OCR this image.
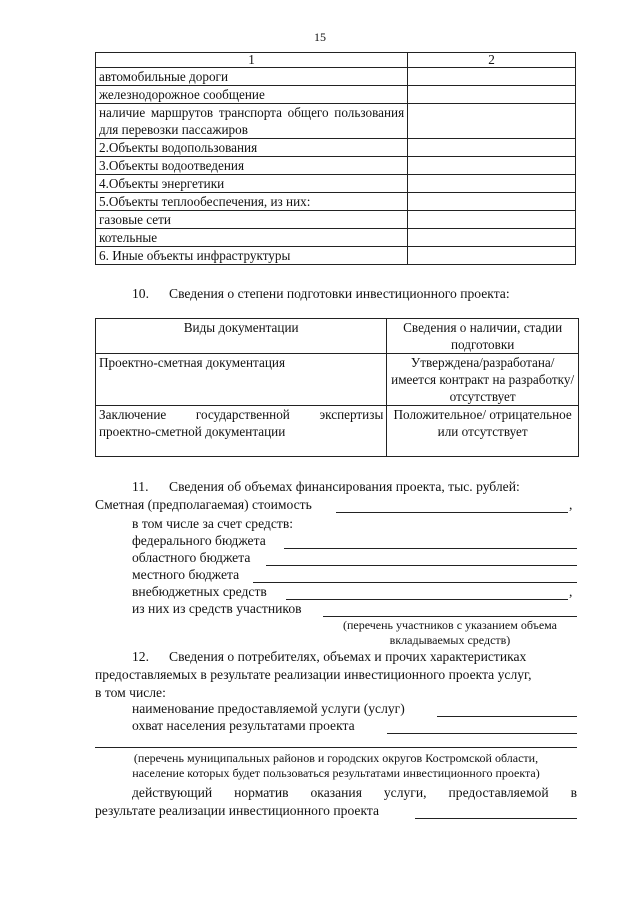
15
1	2
автомобильные дороги	
железнодорожное сообщение	
наличие маршрутов транспорта общего пользования для перевозки пассажиров	
2.Объекты водопользования	
3.Объекты водоотведения	
4.Объекты энергетики	
5.Объекты теплообеспечения, из них:	
газовые сети	
котельные	
6. Иные объекты инфраструктуры	
10. Сведения о степени подготовки инвестиционного проекта:
Виды документации	Сведения о наличии, стадии подготовки
Проектно-сметная документация	Утверждена/разработана/ имеется контракт на разработку/ отсутствует
Заключение государственной экспертизы проектно-сметной документации	Положительное/ отрицательное или отсутствует
11. Сведения об объемах финансирования проекта, тыс. рублей:
Сметная (предполагаемая) стоимость	,
в том числе за счет средств:
федерального бюджета
областного бюджета
местного бюджета
внебюджетных средств	,
из них из средств участников
(перечень участников с указанием объема вкладываемых средств)
12. Сведения о потребителях, объемах и прочих характеристиках
предоставляемых в результате реализации инвестиционного проекта услуг,
в том числе:
наименование предоставляемой услуги (услуг)
охват населения результатами проекта
(перечень муниципальных районов и городских округов Костромской области,
население которых будет пользоваться результатами инвестиционного проекта)
действующий норматив оказания услуги, предоставляемой в
результате реализации инвестиционного проекта
